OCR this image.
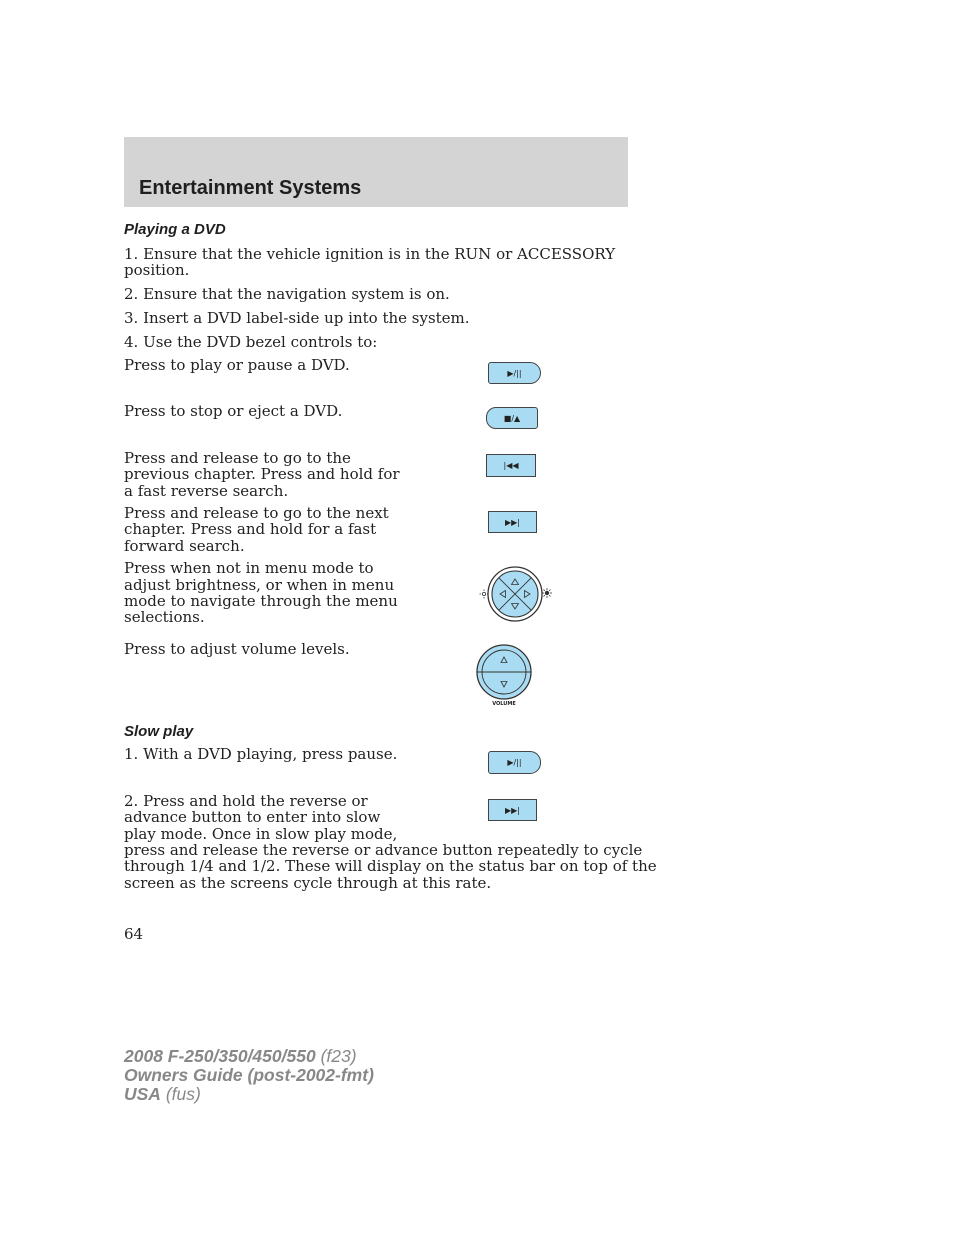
Entertainment Systems
Playing a DVD
1. Ensure that the vehicle ignition is in the RUN or ACCESSORY
position.
2. Ensure that the navigation system is on.
3. Insert a DVD label-side up into the system.
4. Use the DVD bezel controls to:
Press to play or pause a DVD.	▶/||
Press to stop or eject a DVD.	■/▲
Press and release to go to the
previous chapter. Press and hold for
a fast reverse search.
|◀◀
Press and release to go to the next
chapter. Press and hold for a fast
forward search.
▶▶|
Press when not in menu mode to
adjust brightness, or when in menu
mode to navigate through the menu
selections.
Press to adjust volume levels.
VOLUME
Slow play
1. With a DVD playing, press pause.	▶/||
2. Press and hold the reverse or
advance button to enter into slow
play mode. Once in slow play mode,
press and release the reverse or advance button repeatedly to cycle
through 1/4 and 1/2. These will display on the status bar on top of the
screen as the screens cycle through at this rate.
▶▶|
64
2008 F-250/350/450/550 (f23)
Owners Guide (post-2002-fmt)
USA (fus)
